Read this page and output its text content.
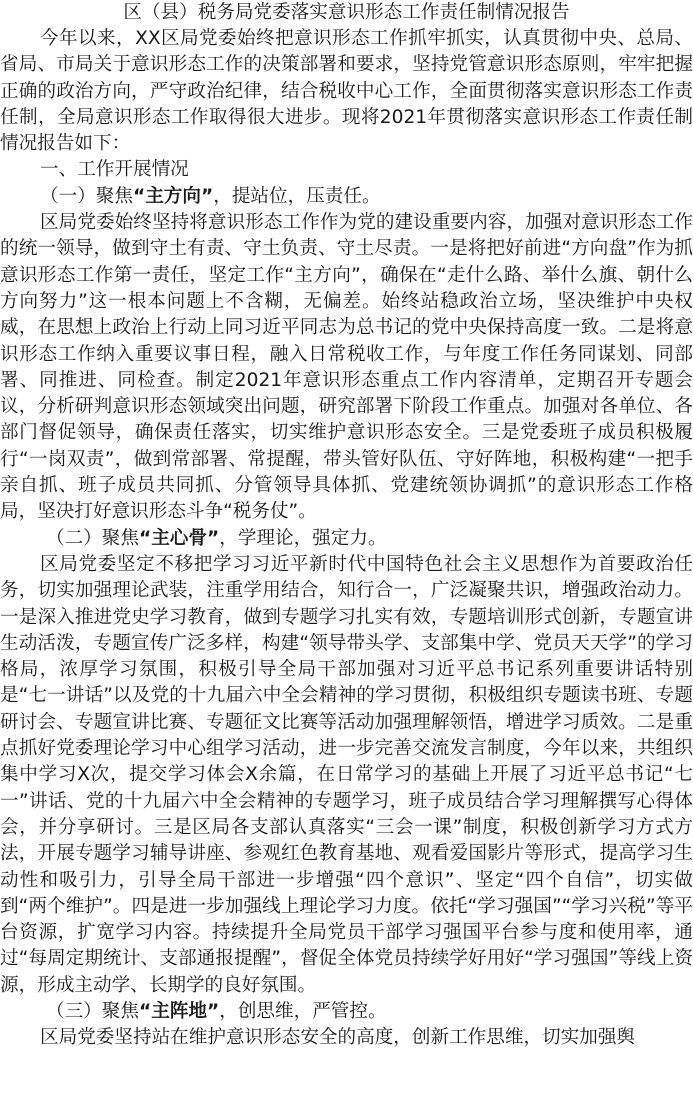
区（县）税务局党委落实意识形态工作责任制情况报告

今年以来，XX区局党委始终把意识形态工作抓牢抓实，认真贯彻中央、总局、省局、市局关于意识形态工作的决策部署和要求，坚持党管意识形态原则，牢牢把握正确的政治方向，严守政治纪律，结合税收中心工作，全面贯彻落实意识形态工作责任制，全局意识形态工作取得很大进步。现将2021年贯彻落实意识形态工作责任制情况报告如下：

一、工作开展情况

（一）聚焦“主方向”，提站位，压责任。

区局党委始终坚持将意识形态工作作为党的建设重要内容，加强对意识形态工作的统一领导，做到守土有责、守土负责、守土尽责。一是将把好前进“方向盘”作为抓意识形态工作第一责任，坚定工作“主方向”，确保在“走什么路、举什么旗、朝什么方向努力”这一根本问题上不含糊，无偏差。始终站稳政治立场，坚决维护中央权威，在思想上政治上行动上同习近平同志为总书记的党中央保持高度一致。二是将意识形态工作纳入重要议事日程，融入日常税收工作，与年度工作任务同谋划、同部署、同推进、同检查。制定2021年意识形态重点工作内容清单，定期召开专题会议，分析研判意识形态领域突出问题，研究部署下阶段工作重点。加强对各单位、各部门督促领导，确保责任落实，切实维护意识形态安全。三是党委班子成员积极履行“一岗双责”，做到常部署、常提醒，带头管好队伍、守好阵地，积极构建“一把手亲自抓、班子成员共同抓、分管领导具体抓、党建统领协调抓”的意识形态工作格局，坚决打好意识形态斗争“税务仗”。

（二）聚焦“主心骨”，学理论，强定力。

区局党委坚定不移把学习习近平新时代中国特色社会主义思想作为首要政治任务，切实加强理论武装，注重学用结合，知行合一，广泛凝聚共识，增强政治动力。一是深入推进党史学习教育，做到专题学习扎实有效，专题培训形式创新，专题宣讲生动活泼，专题宣传广泛多样，构建“领导带头学、支部集中学、党员天天学”的学习格局，浓厚学习氛围，积极引导全局干部加强对习近平总书记系列重要讲话特别是“七一讲话”以及党的十九届六中全会精神的学习贯彻，积极组织专题读书班、专题研讨会、专题宣讲比赛、专题征文比赛等活动加强理解领悟，增进学习质效。二是重点抓好党委理论学习中心组学习活动，进一步完善交流发言制度，今年以来，共组织集中学习X次，提交学习体会X余篇，在日常学习的基础上开展了习近平总书记“七一”讲话、党的十九届六中全会精神的专题学习，班子成员结合学习理解撰写心得体会，并分享研讨。三是区局各支部认真落实“三会一课”制度，积极创新学习方式方法，开展专题学习辅导讲座、参观红色教育基地、观看爱国影片等形式，提高学习生动性和吸引力，引导全局干部进一步增强“四个意识”、坚定“四个自信”，切实做到“两个维护”。四是进一步加强线上理论学习力度。依托“学习强国”“学习兴税”等平台资源，扩宽学习内容。持续提升全局党员干部学习强国平台参与度和使用率，通过“每周定期统计、支部通报提醒”，督促全体党员持续学好用好“学习强国”等线上资源，形成主动学、长期学的良好氛围。

（三）聚焦“主阵地”，创思维，严管控。

区局党委坚持站在维护意识形态安全的高度，创新工作思维，切实加强舆
